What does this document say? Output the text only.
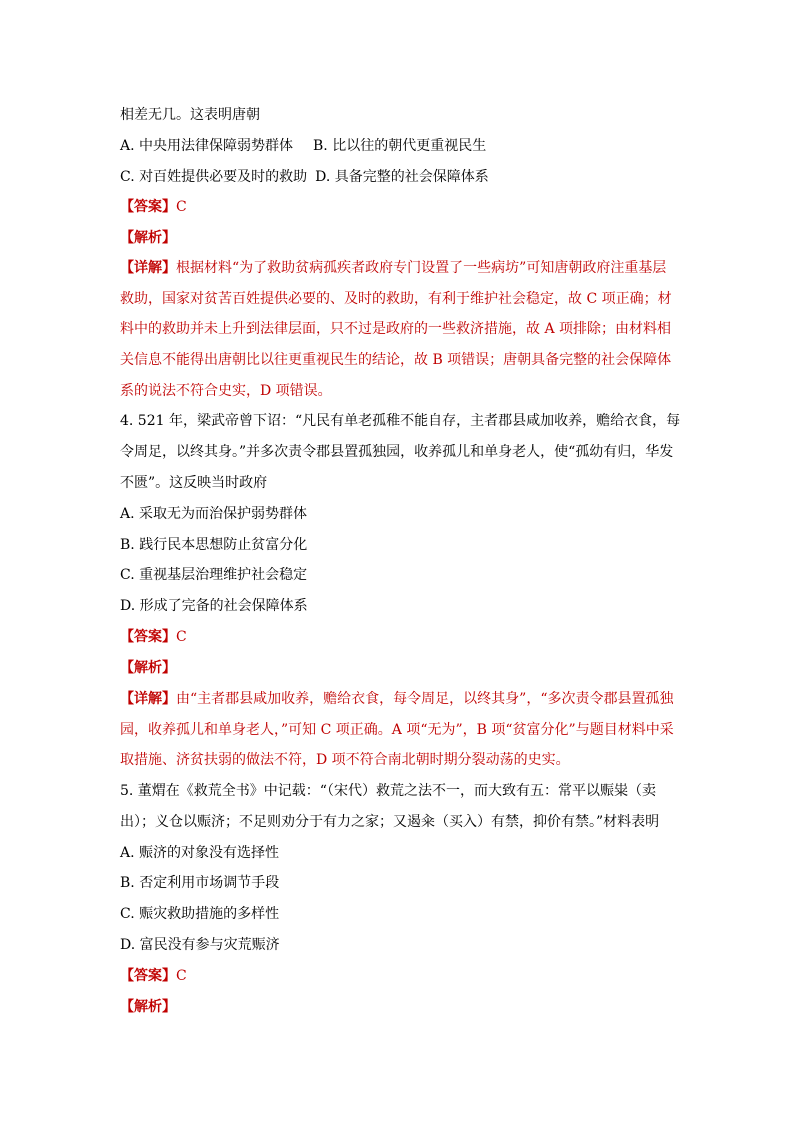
相差无几。这表明唐朝
A. 中央用法律保障弱势群体 B. 比以往的朝代更重视民生
C. 对百姓提供必要及时的救助 D. 具备完整的社会保障体系
【答案】C
【解析】
【详解】根据材料“为了救助贫病孤疾者政府专门设置了一些病坊”可知唐朝政府注重基层
救助，国家对贫苦百姓提供必要的、及时的救助，有利于维护社会稳定，故 C 项正确；材
料中的救助并未上升到法律层面，只不过是政府的一些救济措施，故 A 项排除；由材料相
关信息不能得出唐朝比以往更重视民生的结论，故 B 项错误；唐朝具备完整的社会保障体
系的说法不符合史实，D 项错误。
4. 521 年，梁武帝曾下诏：“凡民有单老孤稚不能自存，主者郡县咸加收养，赡给衣食，每
令周足，以终其身。”并多次责令郡县置孤独园，收养孤儿和单身老人，使“孤幼有归，华发
不匮”。这反映当时政府
A. 采取无为而治保护弱势群体
B. 践行民本思想防止贫富分化
C. 重视基层治理维护社会稳定
D. 形成了完备的社会保障体系
【答案】C
【解析】
【详解】由“主者郡县咸加收养，赡给衣食，每令周足，以终其身”，“多次责令郡县置孤独
园，收养孤儿和单身老人，”可知 C 项正确。A 项“无为”，B 项“贫富分化”与题目材料中采
取措施、济贫扶弱的做法不符，D 项不符合南北朝时期分裂动荡的史实。
5. 董煟在《救荒全书》中记载：“（宋代）救荒之法不一，而大致有五：常平以赈粜（卖
出）；义仓以赈济；不足则劝分于有力之家；又遏籴（买入）有禁，抑价有禁。”材料表明
A. 赈济的对象没有选择性
B. 否定利用市场调节手段
C. 赈灾救助措施的多样性
D. 富民没有参与灾荒赈济
【答案】C
【解析】
